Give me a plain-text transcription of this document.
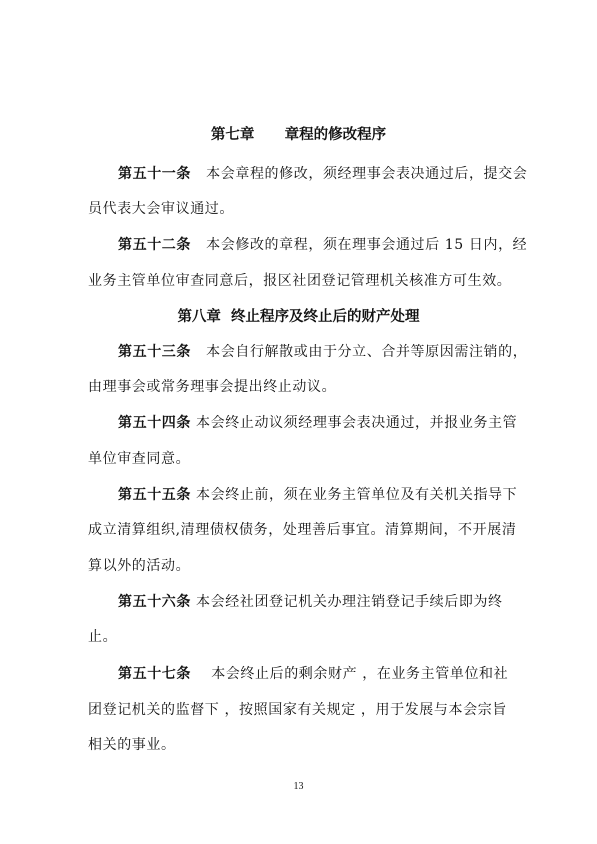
第七章      章程的修改程序
第五十一条   本会章程的修改，须经理事会表决通过后，提交会
员代表大会审议通过。
第五十二条   本会修改的章程，须在理事会通过后 15 日内，经
业务主管单位审查同意后，报区社团登记管理机关核准方可生效。
第八章  终止程序及终止后的财产处理
第五十三条   本会自行解散或由于分立、合并等原因需注销的，
由理事会或常务理事会提出终止动议。
第五十四条 本会终止动议须经理事会表决通过，并报业务主管
单位审查同意。
第五十五条 本会终止前，须在业务主管单位及有关机关指导下
成立清算组织,清理债权债务，处理善后事宜。清算期间，不开展清
算以外的活动。
第五十六条 本会经社团登记机关办理注销登记手续后即为终
止。
第五十七条    本会终止后的剩余财产 ，在业务主管单位和社
团登记机关的监督下 ，按照国家有关规定 ，用于发展与本会宗旨
相关的事业。
13
